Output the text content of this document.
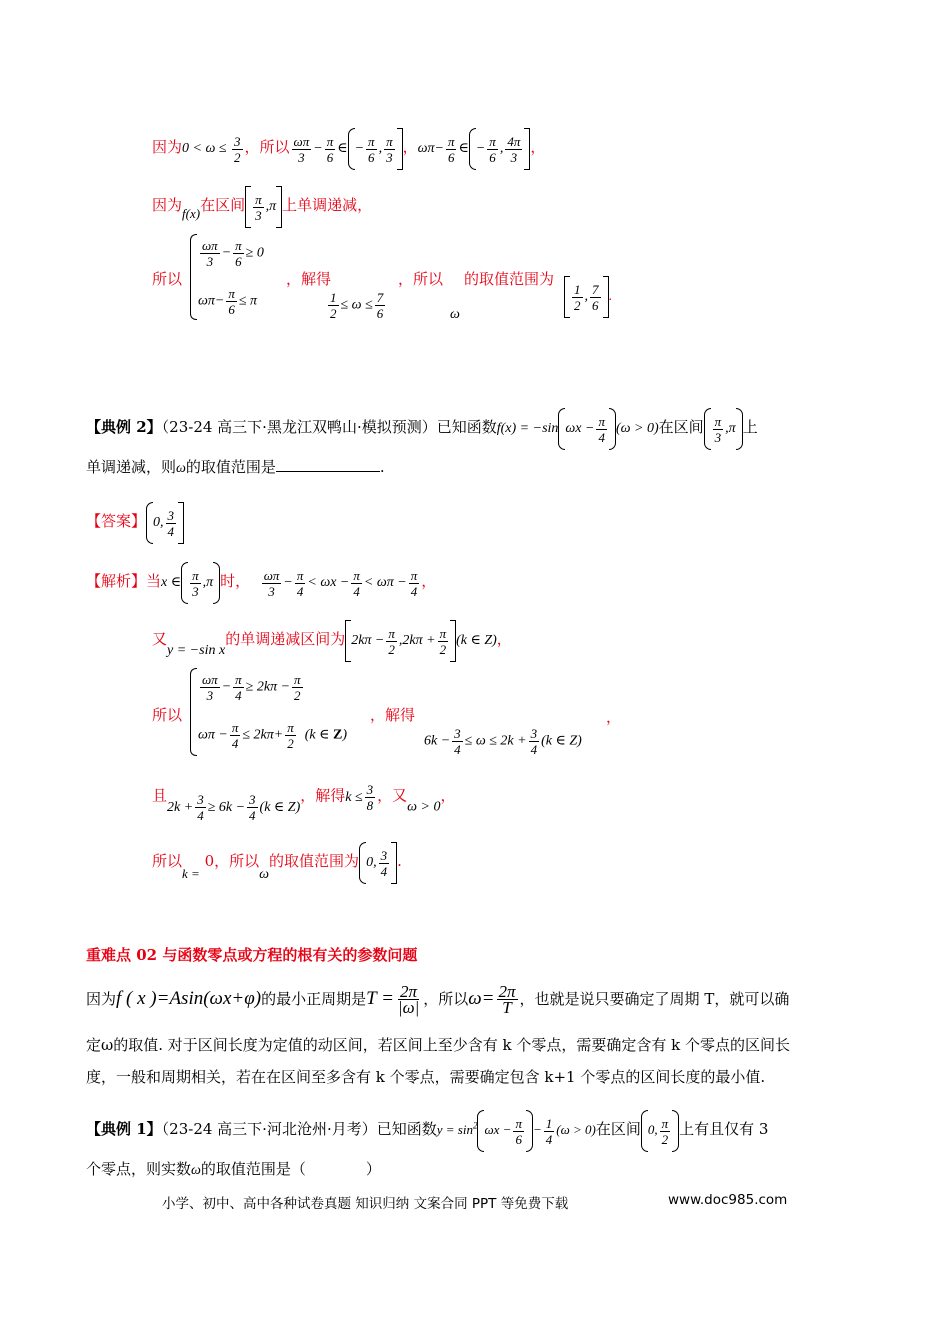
因为$0 < \omega \le \frac{3}{2}$ ，所以 $\frac{\omega\pi}{3} - \frac{\pi}{6}$ ∈ − $\frac{\pi}{6}$ , $\frac{\pi}{3}$ ，$\omega\pi- \frac{\pi}{6}$ ∈ − $\frac{\pi}{6}$ , $\frac{4\pi}{3}$ ，
因为f(x)在区间 $\frac{\pi}{3} ,\pi$ 上单调递减，
所以
$\frac{\omega\pi}{3} - \frac{\pi}{6} \ge 0$
$\omega\pi- \frac{\pi}{6} \le \pi$
，解得
$\frac{1}{2} \le \omega \le \frac{7}{6}$
，所以
ω
的取值范围为
$\frac{1}{2}$ , $\frac{7}{6}$ .
【典例 2】（23-24 高三下·黑龙江双鸭山·模拟预测）已知函数f(x) = −sin $\omega x - \frac{\pi}{4} (\omega > 0)$在区间 $\frac{\pi}{3} ,\pi$ 上
单调递减，则ω的取值范围是	.
【答案】 0, $\frac{3}{4}$
【解析】当x ∈ $\frac{\pi}{3} ,\pi$ 时， $\frac{\omega\pi}{3} - \frac{\pi}{4} < \omega x - \frac{\pi}{4} < \omega\pi - \frac{\pi}{4}$ ，
又y = −sin x的单调递减区间为 $2k\pi - \frac{\pi}{2} ,2k\pi + \frac{\pi}{2} (k$ ∈ Z)，
所以
$\frac{\omega\pi}{3} - \frac{\pi}{4} \ge 2k\pi - \frac{\pi}{2}$
$\omega\pi - \frac{\pi}{4} \le 2k\pi+ \frac{\pi}{2} (k$ ∈ Z)
，解得
$6k - \frac{3}{4} \le \omega \le 2k + \frac{3}{4} (k$ ∈ Z)
，
且$2k + \frac{3}{4} \ge 6k - \frac{3}{4} (k$ ∈ Z)，解得$k \le \frac{3}{8}$ ，又ω > 0，
所以k = 0，所以ω的取值范围为 0, $\frac{3}{4}$ .
重难点 02 与函数零点或方程的根有关的参数问题
因为f ( x )=Asin(ωx+φ)的最小正周期是$T = \frac{2\pi}{|\omega|}$ ，所以$\omega= \frac{2\pi}{T}$ ，也就是说只要确定了周期 T，就可以确
定ω的取值. 对于区间长度为定值的动区间，若区间上至少含有 k 个零点，需要确定含有 k 个零点的区间长
度，一般和周期相关，若在在区间至多含有 k 个零点，需要确定包含 k+1 个零点的区间长度的最小值.
【典例 1】（23-24 高三下·河北沧州·月考）已知函数$y = \sin^2 \omega x - \frac{\pi}{6} - \frac{1}{4} (\omega > 0)$在区间 0, $\frac{\pi}{2}$ 上有且仅有 3
个零点，则实数ω的取值范围是（　　　　）
小学、初中、高中各种试卷真题 知识归纳 文案合同 PPT 等免费下载	www.doc985.com
